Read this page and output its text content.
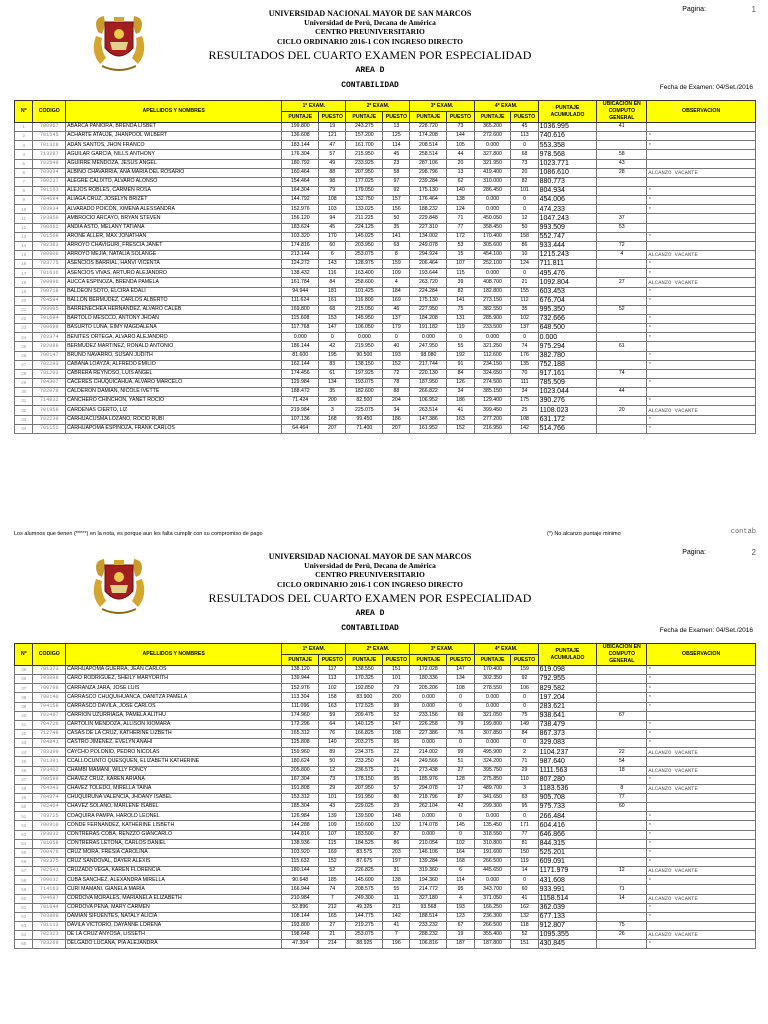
Pagina:	1
UNIVERSIDAD NACIONAL MAYOR DE SAN MARCOS
Universidad de Perú, Decana de América
CENTRO PREUNIVERSITARIO
CICLO ORDINARIO 2016-1 CON INGRESO DIRECTO
RESULTADOS DEL CUARTO EXAMEN POR ESPECIALIDAD
AREA D
CONTABILIDAD	Fecha de Examen: 04/Set./2016
Nº	CODIGO	APELLIDOS Y NOMBRES	1º EXAM.		2º EXAM.		3º EXAM.		4º EXAM.		PUNTAJE ACUMULADO	UBICACION EN COMPUTO GENERAL	OBSERVACION
			PUNTAJE	PUESTO	PUNTAJE	PUESTO	PUNTAJE	PUESTO	PUNTAJE	PUESTO			
1	700967	ABARCA PANIORA, BRENDA LISBET	199.800	19	243.275	13	228.720	73	365.200	45	1036.995	41	
2	701545	ACHARTE ATAUJE, JHANPOOL WILBERT	136.608	121	157.200	125	174.208	144	272.600	113	740.616		*
3	701328	ADÁN SANTOS, JHON FRANCO	183.144	47	161.700	114	208.514	105	0.000	0	553.358		*
4	713287	AGUILAR GARCIA, NILLS ANTHONY	176.304	57	215.950	45	258.514	44	327.800	68	978.568	58	
5	702549	AGUIRRE MENDOZA, JESÚS ÁNGEL	180.792	49	233.925	23	287.106	20	321.950	73	1023.771	43	
6	703094	ALBINO CHAVARRIA, ANA MARÍA DEL ROSARIO	160.464	88	207.950	58	298.796	13	419.400	20	1086.610	28	ALCANZO VACANTE
7	700237	ALEGRE CALIXTO, ALVARO ALONSO	154.464	98	177.025	97	239.284	62	310.000	82	880.773		
8	701163	ALEJOS ROBLES, CARMEN ROSA	164.304	79	179.050	92	175.130	140	286.450	101	804.934		*
9	704694	ALIAGA CRUZ, JOSELYN BRIZET	144.792	108	132.750	157	176.464	138	0.000	0	454.006		*
10	703934	ALVARADO POICÓN, XIMENA ALESSANDRA	152.976	103	133.025	156	188.232	124	0.000	0	474.233		*
11	703850	AMBROCIO ARCAYO, BRYAN STEVEN	156.120	94	211.225	50	229.848	71	450.050	12	1047.243	37	
12	700662	ANDIA ASTO, MELANY TATIANA	183.624	45	224.125	35	227.310	77	358.450	50	993.509	53	
13	701568	ARONE ALLER, MAX JONATHAN	103.320	170	145.025	141	134.002	172	170.400	158	552.747		*
14	702383	ARROYO CHAVIGURI, FRESCIA JANET	174.816	60	203.950	63	249.078	53	305.600	86	933.444	72	
15	700809	ARROYO MEJIA, NATALIA SOLANGE	213.144	6	253.075	8	294.924	15	454.100	10	1215.243	4	ALCANZO VACANTE
16	703775	ASENCIOS BARRIAL, HANVI VICENTA	124.272	143	128.975	159	206.464	107	252.100	124	711.811		*
17	701636	ASENCIOS VIVAS, ARTURO ALEJANDRO	138.432	116	163.400	109	193.644	115	0.000	0	495.476		*
18	700896	AUCCA ESPINOZA, BRENDA PAMELA	161.784	84	258.600	4	263.720	39	408.700	21	1092.804	27	ALCANZO VACANTE
19	700718	BALDEON SOTO, ELCIRA EDALI	94.944	181	101.425	184	224.284	82	182.800	155	603.453		*
20	704594	BALLON BERMUDEZ, CARLOS ALBERTO	111.624	161	116.800	169	175.130	141	273.150	112	676.704		*
21	703995	BARRENECHEA HERNANDEZ, ALVARO CALEB	169.800	68	215.050	46	227.950	75	382.550	35	995.350	52	
22	701684	BARTOLO MESCCO, ANTONY JHOAN	115.608	153	145.950	137	184.208	131	285.900	102	732.666		*
23	700699	BASURTO LUNA, EIMY MAGDALENA	117.768	147	106.050	179	191.182	119	233.500	137	648.500		*
24	702374	BENITES ORTEGA, ALVARO ALEJANDRO	0.000	0	0.000	0	0.000	0	0.000	0	0.000		*
25	702088	BERMUDEZ MARTINEZ, RONALD ANTONIO	186.144	42	219.950	40	247.950	55	321.250	74	975.294	61	
26	700147	BRUNO NAVARRO, SUSAN JUDITH	81.600	195	90.500	193	98.080	192	112.600	176	382.780		*
27	702283	CABANA LOAYZA, ALFREDO EMILIO	162.144	83	138.150	152	217.744	91	234.150	135	752.188		*
28	701203	CABRERA REYNOSO, LUIS ANGEL	174.456	61	197.925	72	220.130	84	324.650	70	917.161	74	
29	704307	CACERES CHUQUICAHUA, ALVARO MARCELO	129.984	134	193.075	78	187.950	126	274.500	111	785.509		*
30	702079	CALDERON DAMIAN, NICOLE IVETTE	188.472	35	182.600	88	266.822	34	385.150	34	1023.044	44	
31	714832	CANCHERO CHINCHON, YANET ROCIO	71.424	200	82.500	204	106.952	186	129.400	175	390.276		*
32	701958	CARDENAS CIERTO, LIZ	219.984	3	225.075	34	263.514	41	399.450	25	1108.023	20	ALCANZO VACANTE
33	702239	CARHUACUSMA LOZANO, ROCIO RUBI	107.136	168	99.450	186	147.386	163	277.200	108	631.172		*
34	701152	CARHUAPOMA ESPINOZA, FRANK CARLOS	64.464	207	71.400	207	161.952	152	216.950	142	514.766		*
Los alumnos que tienen (*****) en la nota, es porque aun les falta cumplir con su compromiso de pago	(*) No alcanzo puntaje minimo	contab
Pagina:	2
UNIVERSIDAD NACIONAL MAYOR DE SAN MARCOS
Universidad de Perú, Decana de América
CENTRO PREUNIVERSITARIO
CICLO ORDINARIO 2016-1 CON INGRESO DIRECTO
RESULTADOS DEL CUARTO EXAMEN POR ESPECIALIDAD
AREA D
CONTABILIDAD	Fecha de Examen: 04/Set./2016
Nº	CODIGO	APELLIDOS Y NOMBRES	1º EXAM.		2º EXAM.		3º EXAM.		4º EXAM.		PUNTAJE ACUMULADO	UBICACION EN COMPUTO GENERAL	OBSERVACION
			PUNTAJE	PUESTO	PUNTAJE	PUESTO	PUNTAJE	PUESTO	PUNTAJE	PUESTO			
35	701373	CARHUAPOMA GUERRA, JEAN CARLOS	138.120	117	138.550	151	172.028	147	170.400	159	619.098		*
36	703898	CARO RODRIGUEZ, SHEILY MARYORITH	139.944	113	170.325	101	180.336	134	302.350	92	792.955		*
37	700788	CARRANZA JARA, JOSE LUIS	152.976	102	192.850	79	205.206	108	278.550	106	829.582		*
38	700140	CARRASCO CHUQUIHUANCA, DANITZA PAMELA	113.304	158	83.900	200	0.000	0	0.000	0	197.204		*
39	704158	CARRASCO DÁVILA, JOSE CARLOS	111.096	163	172.525	99	0.000	0	0.000	0	283.621		*
40	702487	CARRION UZURRIAGA, PAMELA ALITHÚ	174.960	59	209.475	52	233.156	69	321.050	75	938.641	67	
41	704726	CARTOLIN MENDOZA, ALLISON XIOMARA	172.296	64	140.125	147	226.258	79	199.800	149	738.479		*
42	712748	CASAS DE LA CRUZ, KATHERINE LIZBETH	165.312	76	166.825	108	227.386	76	307.850	84	867.373		*
43	704841	CASTRO JIMENEZ, EVELYN ANAHI	125.808	140	203.275	65	0.000	0	0.000	0	329.083		*
44	703399	CAYCHO POLONIO, PEDRO NICOLAS	159.960	89	234.375	22	214.002	99	495.900	2	1104.237	22	ALCANZO VACANTE
45	701391	CCALLOCUNTO QUESQUEN, ELIZABETH KATHERINE	180.624	50	233.250	24	249.566	51	324.200	71	987.640	54	
46	703402	CHAMBI MAMANI, WILLY FONCY	205.800	12	236.575	21	273.438	27	395.750	29	1111.563	18	ALCANZO VACANTE
47	700589	CHAVEZ CRUZ, KAREN ARIANA	167.304	73	178.150	95	185.976	128	275.850	110	807.280		*
48	704343	CHAVEZ TOLEDO, MIRELLA TAINA	191.808	29	207.950	57	294.078	17	489.700	3	1183.536	8	ALCANZO VACANTE
49	704374	CHUQUIRUNA VALENCIA, JHOANY ISABEL	153.312	101	191.950	80	218.796	87	341.650	63	905.708	77	
50	702464	CHÁVEZ SOLANO, MARLENE ISABEL	185.304	43	229.025	29	262.104	42	299.300	95	975.733	60	
51	703725	COAQUIRA PAMPA, HAROLD LEONEL	126.984	139	139.500	148	0.000	0	0.000	0	266.484		*
52	700910	CONDE FERNANDEZ, KATHERINE LISBETH	144.288	109	150.600	132	174.078	145	135.450	171	604.416		*
53	703032	CONTRERAS COBA, RENZZO GIANCARLO	144.816	107	183.500	87	0.000	0	318.550	77	646.866		*
54	701058	CONTRERAS LETONA, CARLOS DANIEL	138.936	115	184.525	86	210.054	102	310.800	81	844.315		*
55	700476	CRUZ MORA, FRESIA CAROLINA	103.920	169	83.575	203	146.106	164	191.600	150	525.201		*
56	702375	CRUZ SANDOVAL, DAYER ALEXIS	115.632	152	87.675	197	139.284	168	266.500	119	609.091		*
57	702541	CRUZADO VEGA, KAREN FLORENCIA	180.144	52	226.825	31	319.360	6	445.650	14	1171.979	12	ALCANZO VACANTE
58	700032	CUBA SANCHEZ, ALEXANDRA MIRELLA	90.648	185	145.600	138	194.360	114	0.000	0	431.608		*
59	714163	CURI MAMANI, GIANELA MARÍA	166.944	74	208.575	55	214.772	95	343.700	60	933.991	71	
60	704687	CORDOVA MORALES, MARIANELA ELIZABETH	210.984	7	249.300	11	327.180	4	371.050	41	1158.514	14	ALCANZO VACANTE
61	701644	CORDOVA PENA, MARY CARMEN	52.896	212	49.325	211	93.568	193	166.250	162	362.039		*
62	703809	DAMIAN SIFUENTES, NATALY ALICIA	108.144	165	144.775	142	188.514	123	236.300	132	677.133		*
63	701113	DAVILA VICTORIO, DAYANNE LORENA	193.800	27	219.275	41	233.232	67	266.500	118	912.807	75	
64	702323	DE LA CRUZ ANYOSA, LISSETH	198.648	21	253.075	7	288.232	19	355.400	52	1095.355	26	ALCANZO VACANTE
65	703269	DELGADO LUCANA, PIA ALEJANDRA	47.304	214	88.925	196	106.816	187	187.800	151	430.845		*
